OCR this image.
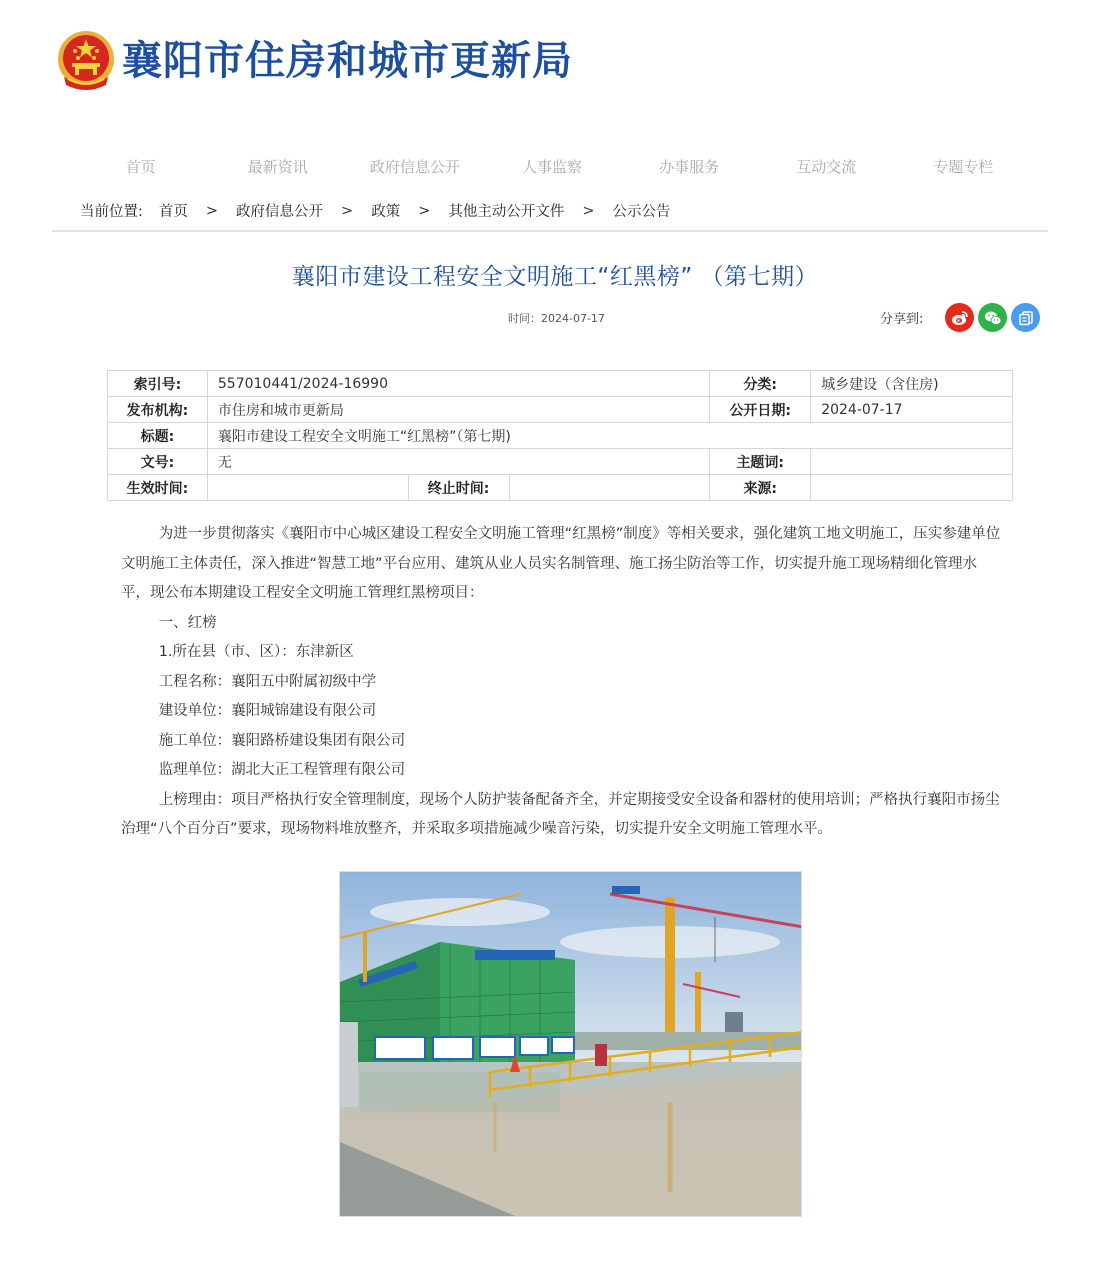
襄阳市住房和城市更新局
首页	最新资讯	政府信息公开	人事监察	办事服务	互动交流	专题专栏
当前位置: 首页 > 政府信息公开 > 政策 > 其他主动公开文件 > 公示公告
襄阳市建设工程安全文明施工“红黑榜” （第七期）
时间：2024-07-17	分享到:
索引号:	557010441/2024-16990			分类:	城乡建设（含住房)
发布机构:	市住房和城市更新局			公开日期:	2024-07-17
标题:	襄阳市建设工程安全文明施工“红黑榜”（第七期)				
文号:	无			主题词:	
生效时间:		终止时间:		来源:	

为进一步贯彻落实《襄阳市中心城区建设工程安全文明施工管理“红黑榜”制度》等相关要求，强化建筑工地文明施工，压实参建单位文明施工主体责任，深入推进“智慧工地”平台应用、建筑从业人员实名制管理、施工扬尘防治等工作，切实提升施工现场精细化管理水平，现公布本期建设工程安全文明施工管理红黑榜项目：

一、红榜

1.所在县（市、区）：东津新区

工程名称：襄阳五中附属初级中学

建设单位：襄阳城锦建设有限公司

施工单位：襄阳路桥建设集团有限公司

监理单位：湖北大正工程管理有限公司

上榜理由：项目严格执行安全管理制度，现场个人防护装备配备齐全，并定期接受安全设备和器材的使用培训；严格执行襄阳市扬尘治理“八个百分百”要求，现场物料堆放整齐，并采取多项措施减少噪音污染，切实提升安全文明施工管理水平。
